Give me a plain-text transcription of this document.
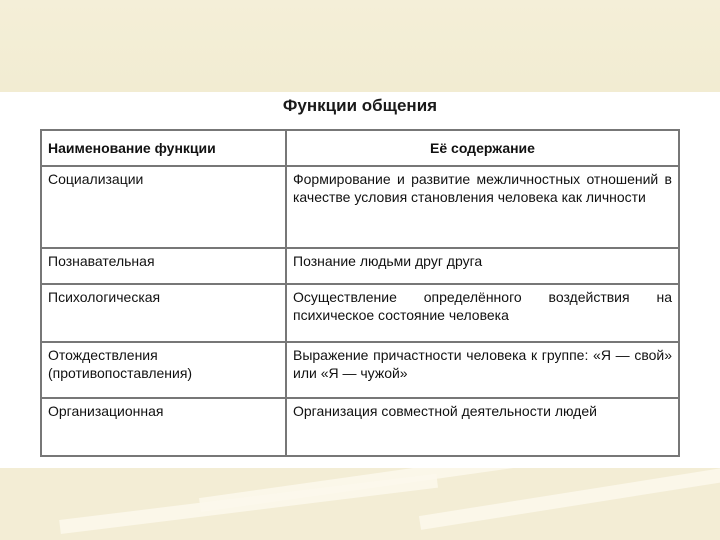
Функции общения
Наименование функции	Её содержание
Социализации	Формирование и развитие межличностных отношений в качестве условия становления человека как личности
Познавательная	Познание людьми друг друга
Психологическая	Осуществление определённого воздействия на психическое состояние человека
Отождествления (противопоставления)	Выражение причастности человека к группе: «Я — свой» или «Я — чужой»
Организационная	Организация совместной деятельности людей
